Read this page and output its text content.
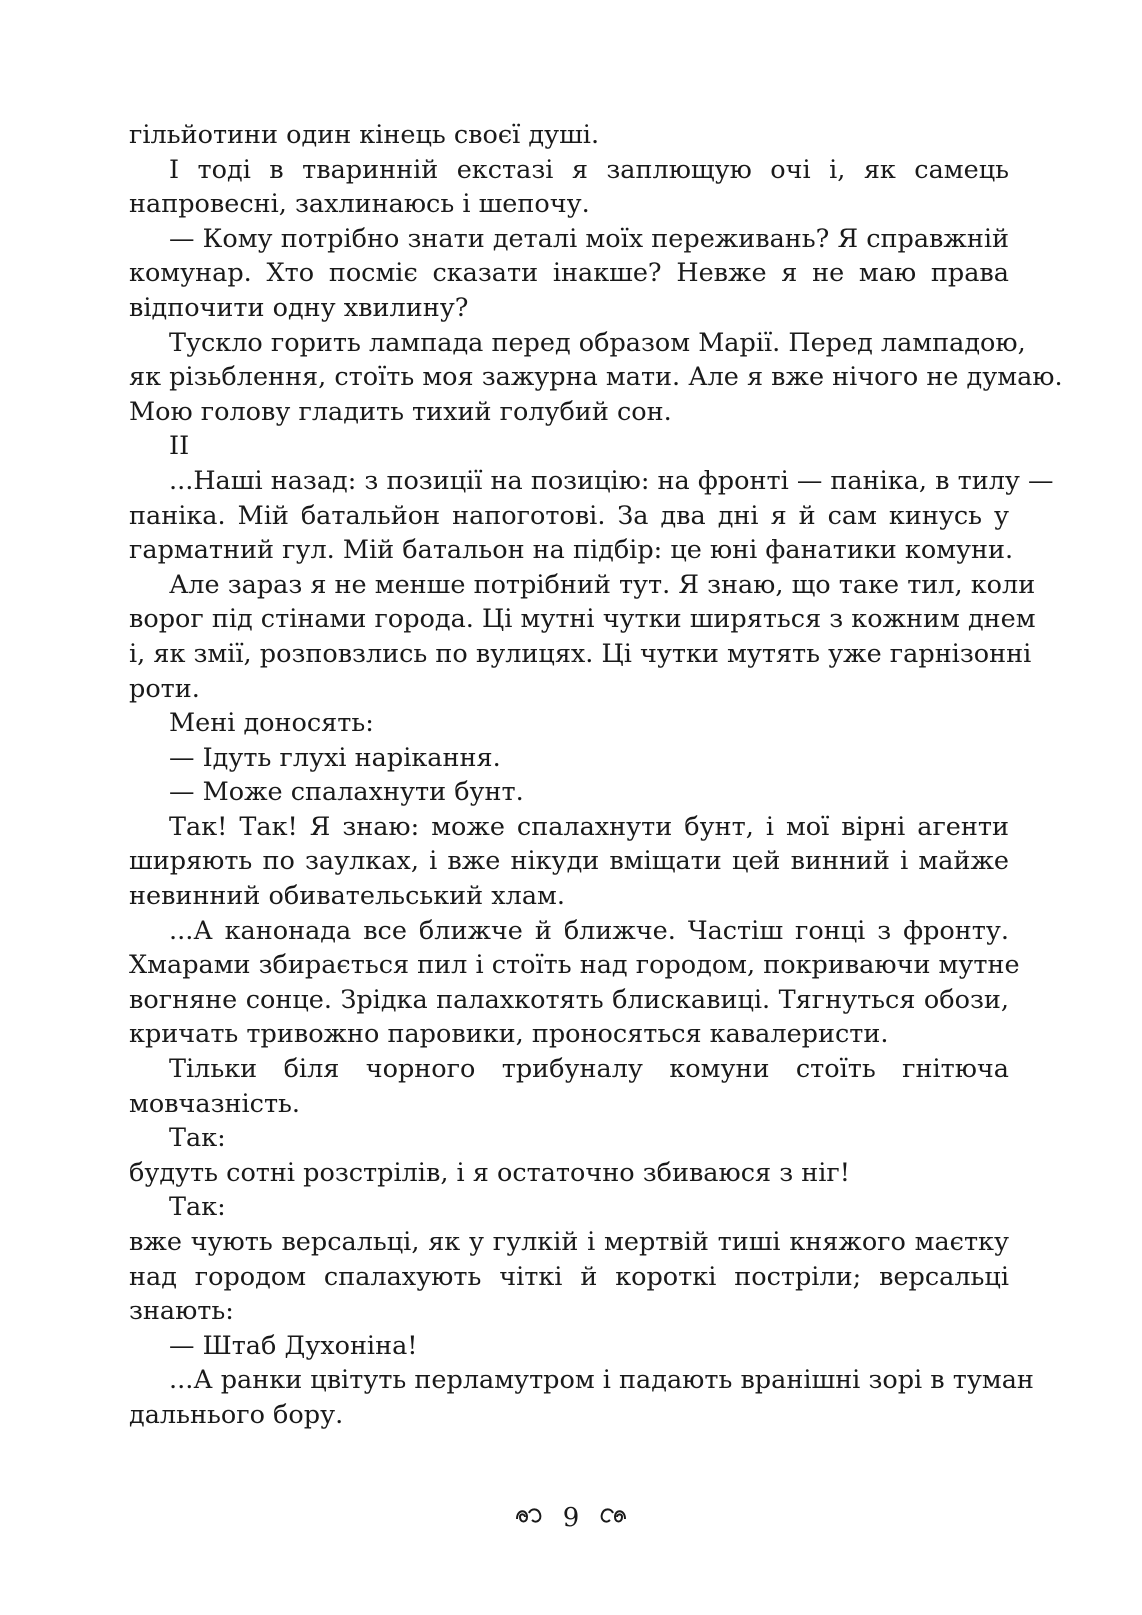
гільйотини один кінець своєї душі.
І тоді в тваринній екстазі я заплющую очі і, як самець
напровесні, захлинаюсь і шепочу.
— Кому потрібно знати деталі моїх переживань? Я справжній
комунар. Хто посміє сказати інакше? Невже я не маю права
відпочити одну хвилину?
Тускло горить лампада перед образом Марії. Перед лампадою,
як різьблення, стоїть моя зажурна мати. Але я вже нічого не думаю.
Мою голову гладить тихий голубий сон.
II
...Наші назад: з позиції на позицію: на фронті — паніка, в тилу —
паніка. Мій батальйон напоготові. За два дні я й сам кинусь у
гарматний гул. Мій батальон на підбір: це юні фанатики комуни.
Але зараз я не менше потрібний тут. Я знаю, що таке тил, коли
ворог під стінами города. Ці мутні чутки ширяться з кожним днем
і, як змії, розповзлись по вулицях. Ці чутки мутять уже гарнізонні
роти.
Мені доносять:
— Ідуть глухі нарікання.
— Може спалахнути бунт.
Так! Так! Я знаю: може спалахнути бунт, і мої вірні агенти
ширяють по заулках, і вже нікуди вміщати цей винний і майже
невинний обивательський хлам.
...А канонада все ближче й ближче. Частіш гонці з фронту.
Хмарами збирається пил і стоїть над городом, покриваючи мутне
вогняне сонце. Зрідка палахкотять блискавиці. Тягнуться обози,
кричать тривожно паровики, проносяться кавалеристи.
Тільки біля чорного трибуналу комуни стоїть гнітюча
мовчазність.
Так:
будуть сотні розстрілів, і я остаточно збиваюся з ніг!
Так:
вже чують версальці, як у гулкій і мертвій тиші княжого маєтку
над городом спалахують чіткі й короткі постріли; версальці
знають:
— Штаб Духоніна!
...А ранки цвітуть перламутром і падають вранішні зорі в туман
дальнього бору.
9
